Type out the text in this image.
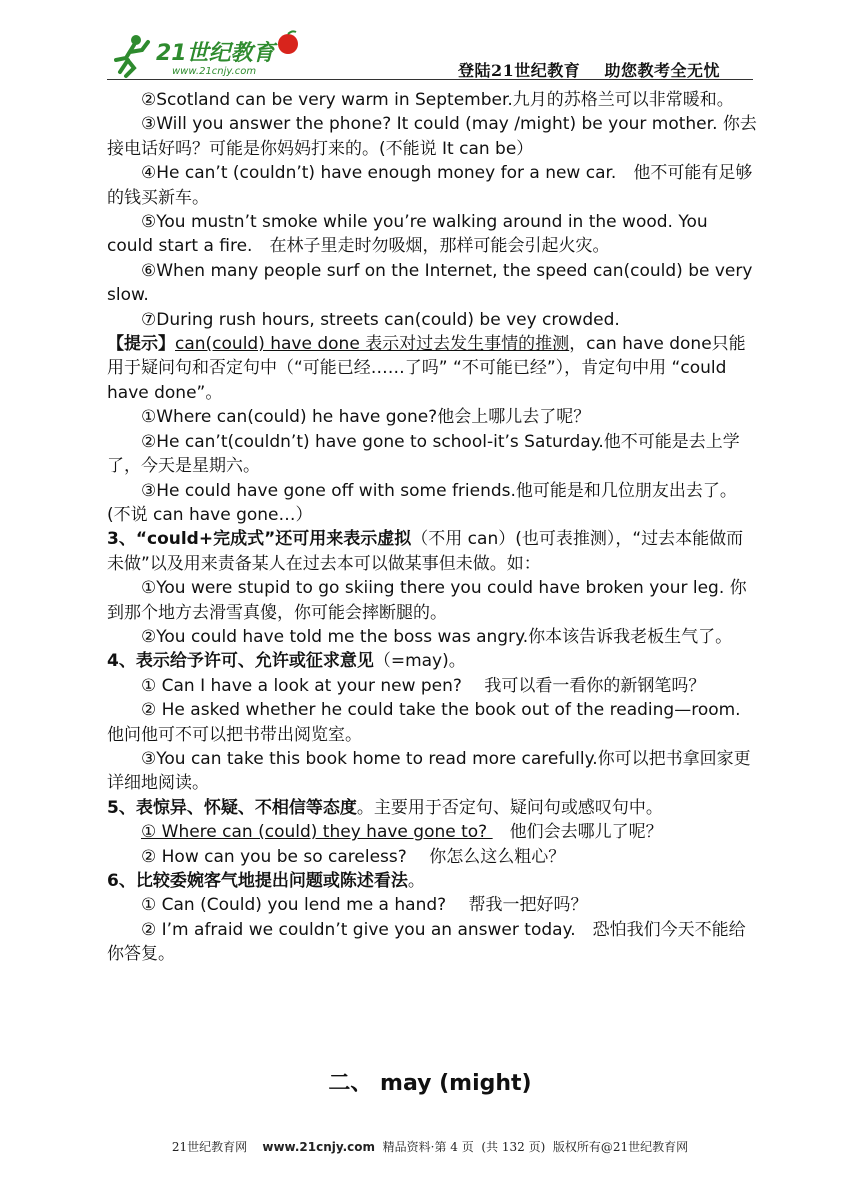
21世纪教育
www.21cnjy.com	登陆21世纪教育    助您教考全无忧

②Scotland can be very warm in September.九月的苏格兰可以非常暖和。

③Will you answer the phone? It could (may /might) be your mother. 你去接电话好吗？可能是你妈妈打来的。(不能说 It can be）

④He can’t (couldn’t) have enough money for a new car.　他不可能有足够的钱买新车。

⑤You mustn’t smoke while you’re walking around in the wood. You could start a fire.　在林子里走时勿吸烟，那样可能会引起火灾。

⑥When many people surf on the Internet, the speed can(could) be very slow.

⑦During rush hours, streets can(could) be vey crowded.

【提示】can(could) have done 表示对过去发生事情的推测，can have done只能用于疑问句和否定句中（“可能已经……了吗” “不可能已经”），肯定句中用 “could have done”。

①Where can(could) he have gone?他会上哪儿去了呢？

②He can’t(couldn’t) have gone to school-it’s Saturday.他不可能是去上学了，今天是星期六。

③He could have gone off with some friends.他可能是和几位朋友出去了。(不说 can have gone…）

3、“could+完成式”还可用来表示虚拟（不用 can）(也可表推测），“过去本能做而未做”以及用来责备某人在过去本可以做某事但未做。如：

①You were stupid to go skiing there you could have broken your leg. 你到那个地方去滑雪真傻，你可能会摔断腿的。

②You could have told me the boss was angry.你本该告诉我老板生气了。

4、表示给予许可、允许或征求意见（=may)。

① Can I have a look at your new pen?　 我可以看一看你的新钢笔吗？

② He asked whether he could take the book out of the reading—room.　他问他可不可以把书带出阅览室。

③You can take this book home to read more carefully.你可以把书拿回家更详细地阅读。

5、表惊异、怀疑、不相信等态度。主要用于否定句、疑问句或感叹句中。

① Where can (could) they have gone to? 　他们会去哪儿了呢？

② How can you be so careless?　 你怎么这么粗心？

6、比较委婉客气地提出问题或陈述看法。

① Can (Could) you lend me a hand?　 帮我一把好吗？

② I’m afraid we couldn’t give you an answer today.　恐怕我们今天不能给你答复。

二、 may (might)
21世纪教育网 www.21cnjy.com 精品资料·第 4 页  (共 132 页)  版权所有@21世纪教育网
